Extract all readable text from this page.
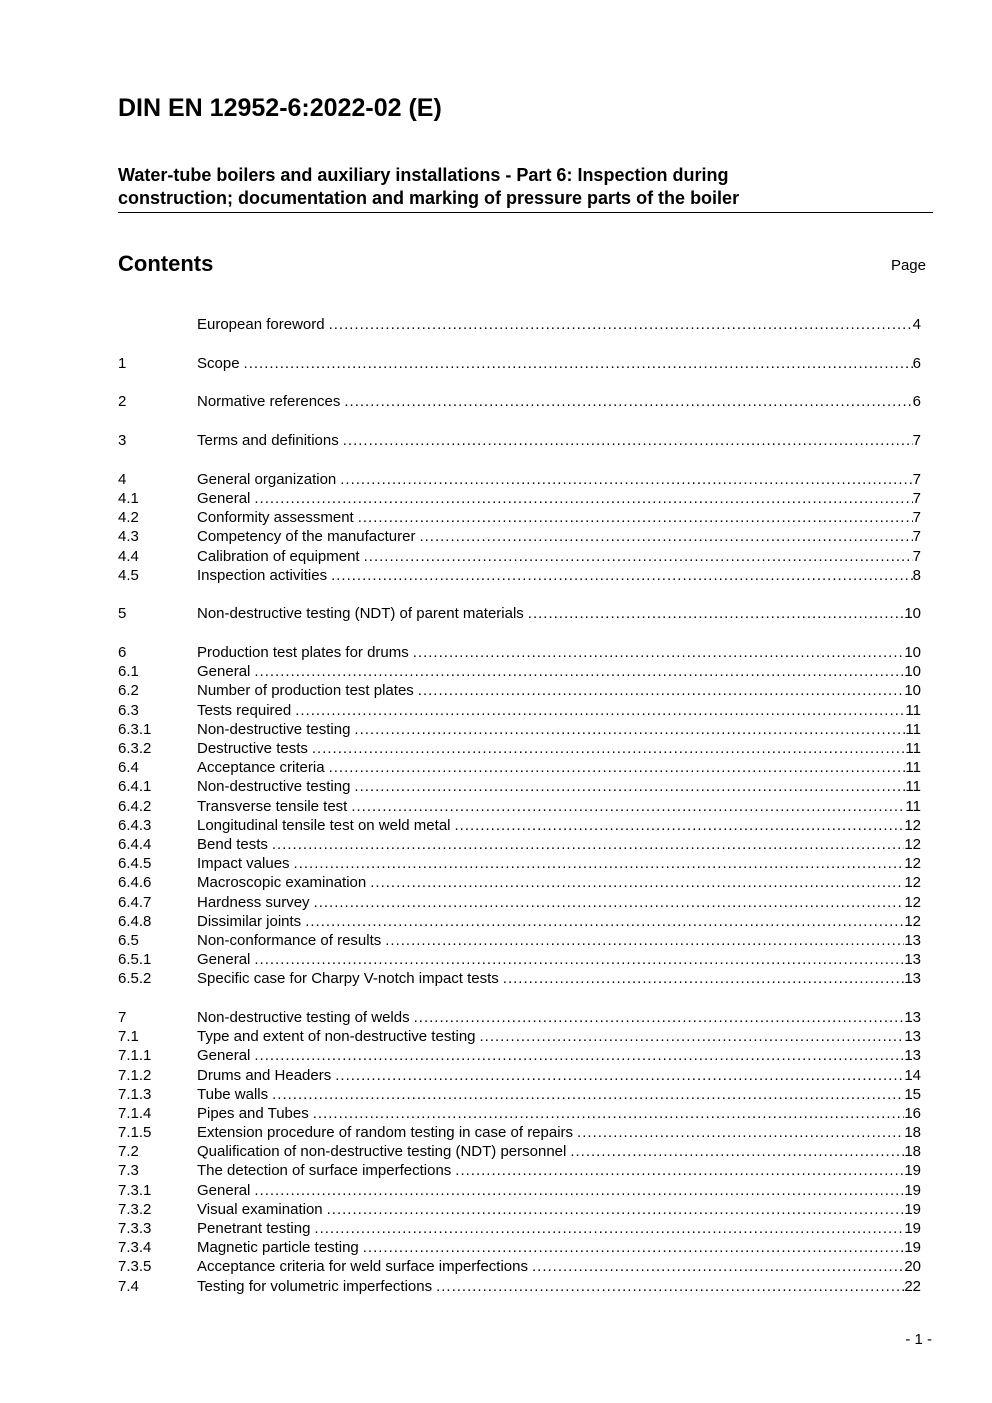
DIN EN 12952-6:2022-02 (E)
Water-tube boilers and auxiliary installations - Part 6: Inspection during
construction; documentation and marking of pressure parts of the boiler
Contents	Page
European foreword .....	4
1	Scope .....	6
2	Normative references .....	6
3	Terms and definitions .....	7
4	General organization .....	7
4.1	General .....	7
4.2	Conformity assessment .....	7
4.3	Competency of the manufacturer .....	7
4.4	Calibration of equipment .....	7
4.5	Inspection activities .....	8
5	Non-destructive testing (NDT) of parent materials .....	10
6	Production test plates for drums .....	10
6.1	General .....	10
6.2	Number of production test plates .....	10
6.3	Tests required .....	11
6.3.1	Non-destructive testing .....	11
6.3.2	Destructive tests .....	11
6.4	Acceptance criteria .....	11
6.4.1	Non-destructive testing .....	11
6.4.2	Transverse tensile test .....	11
6.4.3	Longitudinal tensile test on weld metal .....	12
6.4.4	Bend tests .....	12
6.4.5	Impact values .....	12
6.4.6	Macroscopic examination .....	12
6.4.7	Hardness survey .....	12
6.4.8	Dissimilar joints .....	12
6.5	Non-conformance of results .....	13
6.5.1	General .....	13
6.5.2	Specific case for Charpy V-notch impact tests .....	13
7	Non-destructive testing of welds .....	13
7.1	Type and extent of non-destructive testing .....	13
7.1.1	General .....	13
7.1.2	Drums and Headers .....	14
7.1.3	Tube walls .....	15
7.1.4	Pipes and Tubes .....	16
7.1.5	Extension procedure of random testing in case of repairs .....	18
7.2	Qualification of non-destructive testing (NDT) personnel .....	18
7.3	The detection of surface imperfections .....	19
7.3.1	General .....	19
7.3.2	Visual examination .....	19
7.3.3	Penetrant testing .....	19
7.3.4	Magnetic particle testing .....	19
7.3.5	Acceptance criteria for weld surface imperfections .....	20
7.4	Testing for volumetric imperfections .....	22
- 1 -
